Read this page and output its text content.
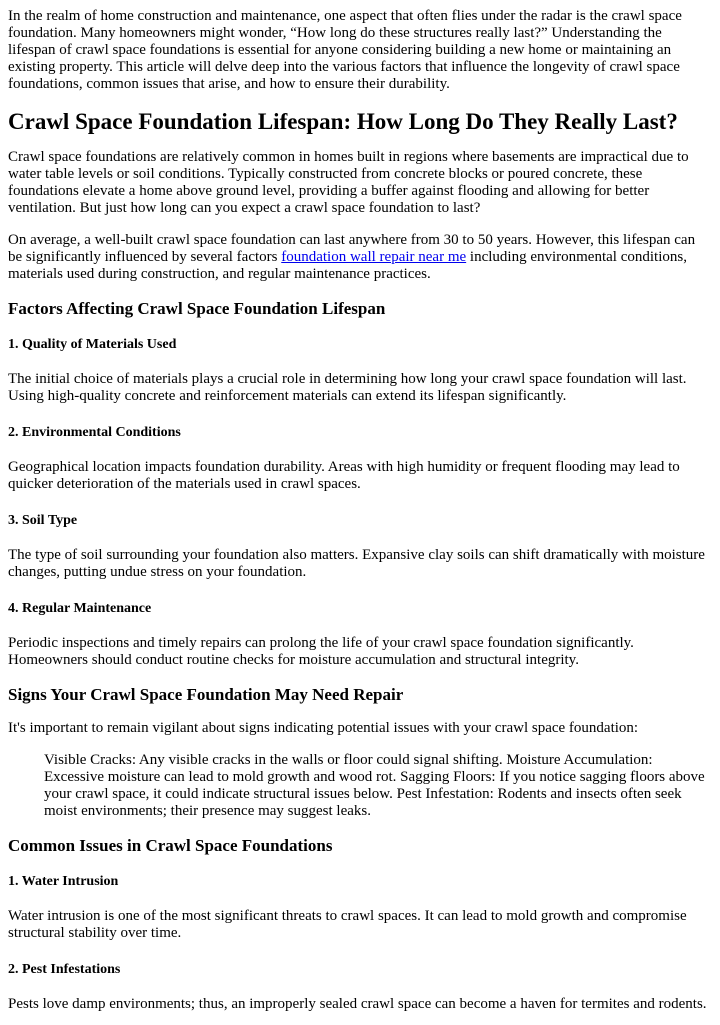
In the realm of home construction and maintenance, one aspect that often flies under the radar is the crawl space foundation. Many homeowners might wonder, “How long do these structures really last?” Understanding the lifespan of crawl space foundations is essential for anyone considering building a new home or maintaining an existing property. This article will delve deep into the various factors that influence the longevity of crawl space foundations, common issues that arise, and how to ensure their durability.

Crawl Space Foundation Lifespan: How Long Do They Really Last?

Crawl space foundations are relatively common in homes built in regions where basements are impractical due to water table levels or soil conditions. Typically constructed from concrete blocks or poured concrete, these foundations elevate a home above ground level, providing a buffer against flooding and allowing for better ventilation. But just how long can you expect a crawl space foundation to last?

On average, a well-built crawl space foundation can last anywhere from 30 to 50 years. However, this lifespan can be significantly influenced by several factors foundation wall repair near me including environmental conditions, materials used during construction, and regular maintenance practices.

Factors Affecting Crawl Space Foundation Lifespan
1. Quality of Materials Used

The initial choice of materials plays a crucial role in determining how long your crawl space foundation will last. Using high-quality concrete and reinforcement materials can extend its lifespan significantly.

2. Environmental Conditions

Geographical location impacts foundation durability. Areas with high humidity or frequent flooding may lead to quicker deterioration of the materials used in crawl spaces.

3. Soil Type

The type of soil surrounding your foundation also matters. Expansive clay soils can shift dramatically with moisture changes, putting undue stress on your foundation.

4. Regular Maintenance

Periodic inspections and timely repairs can prolong the life of your crawl space foundation significantly. Homeowners should conduct routine checks for moisture accumulation and structural integrity.

Signs Your Crawl Space Foundation May Need Repair

It's important to remain vigilant about signs indicating potential issues with your crawl space foundation:

Visible Cracks: Any visible cracks in the walls or floor could signal shifting. Moisture Accumulation: Excessive moisture can lead to mold growth and wood rot. Sagging Floors: If you notice sagging floors above your crawl space, it could indicate structural issues below. Pest Infestation: Rodents and insects often seek moist environments; their presence may suggest leaks.
Common Issues in Crawl Space Foundations
1. Water Intrusion

Water intrusion is one of the most significant threats to crawl spaces. It can lead to mold growth and compromise structural stability over time.

2. Pest Infestations

Pests love damp environments; thus, an improperly sealed crawl space can become a haven for termites and rodents.
